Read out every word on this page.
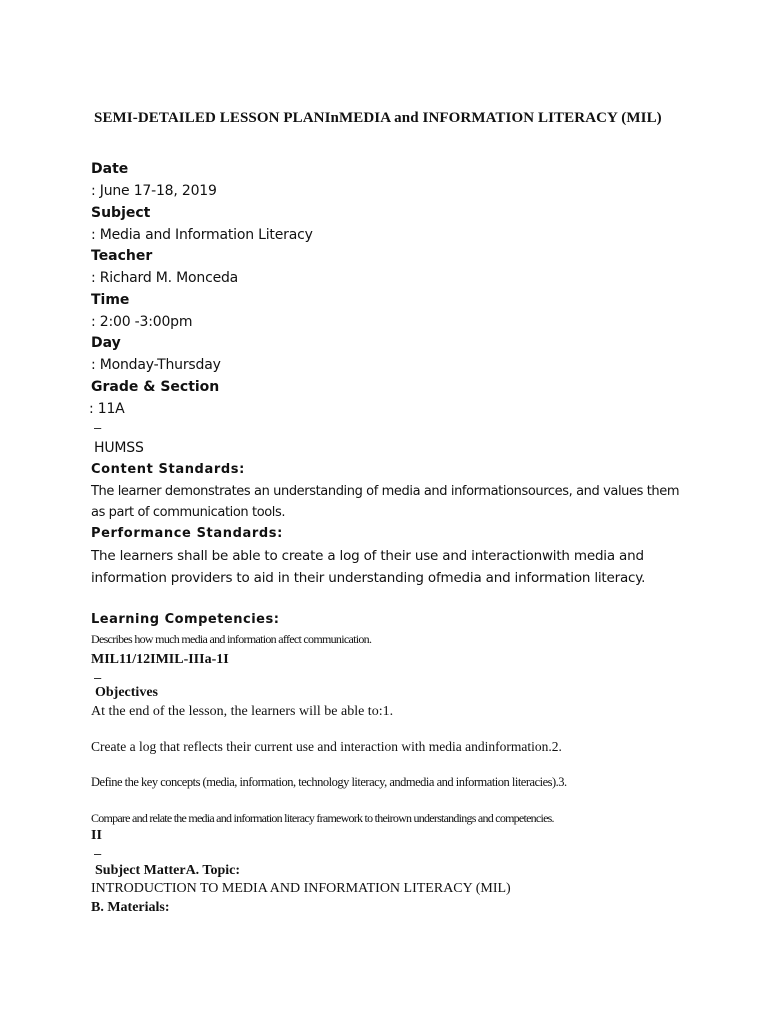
SEMI-DETAILED LESSON PLANInMEDIA and INFORMATION LITERACY (MIL)
Date
: June 17-18, 2019
Subject
: Media and Information Literacy
Teacher
: Richard M. Monceda
Time
: 2:00 -3:00pm
Day
: Monday-Thursday
Grade & Section
: 11A
–
HUMSS
Content Standards:
The learner demonstrates an understanding of media and informationsources, and values them as part of communication tools.
Performance Standards:
The learners shall be able to create a log of their use and interactionwith media and information providers to aid in their understanding ofmedia and information literacy.
Learning Competencies:
Describes how much media and information affect communication.
MIL11/12IMIL-IIIa-1I
–
Objectives
At the end of the lesson, the learners will be able to:1.
Create a log that reflects their current use and interaction with media andinformation.2.
Define the key concepts (media, information, technology literacy, andmedia and information literacies).3.
Compare and relate the media and information literacy framework to theirown understandings and competencies.
II
–
Subject MatterA. Topic:
INTRODUCTION TO MEDIA AND INFORMATION LITERACY (MIL)
B. Materials:
